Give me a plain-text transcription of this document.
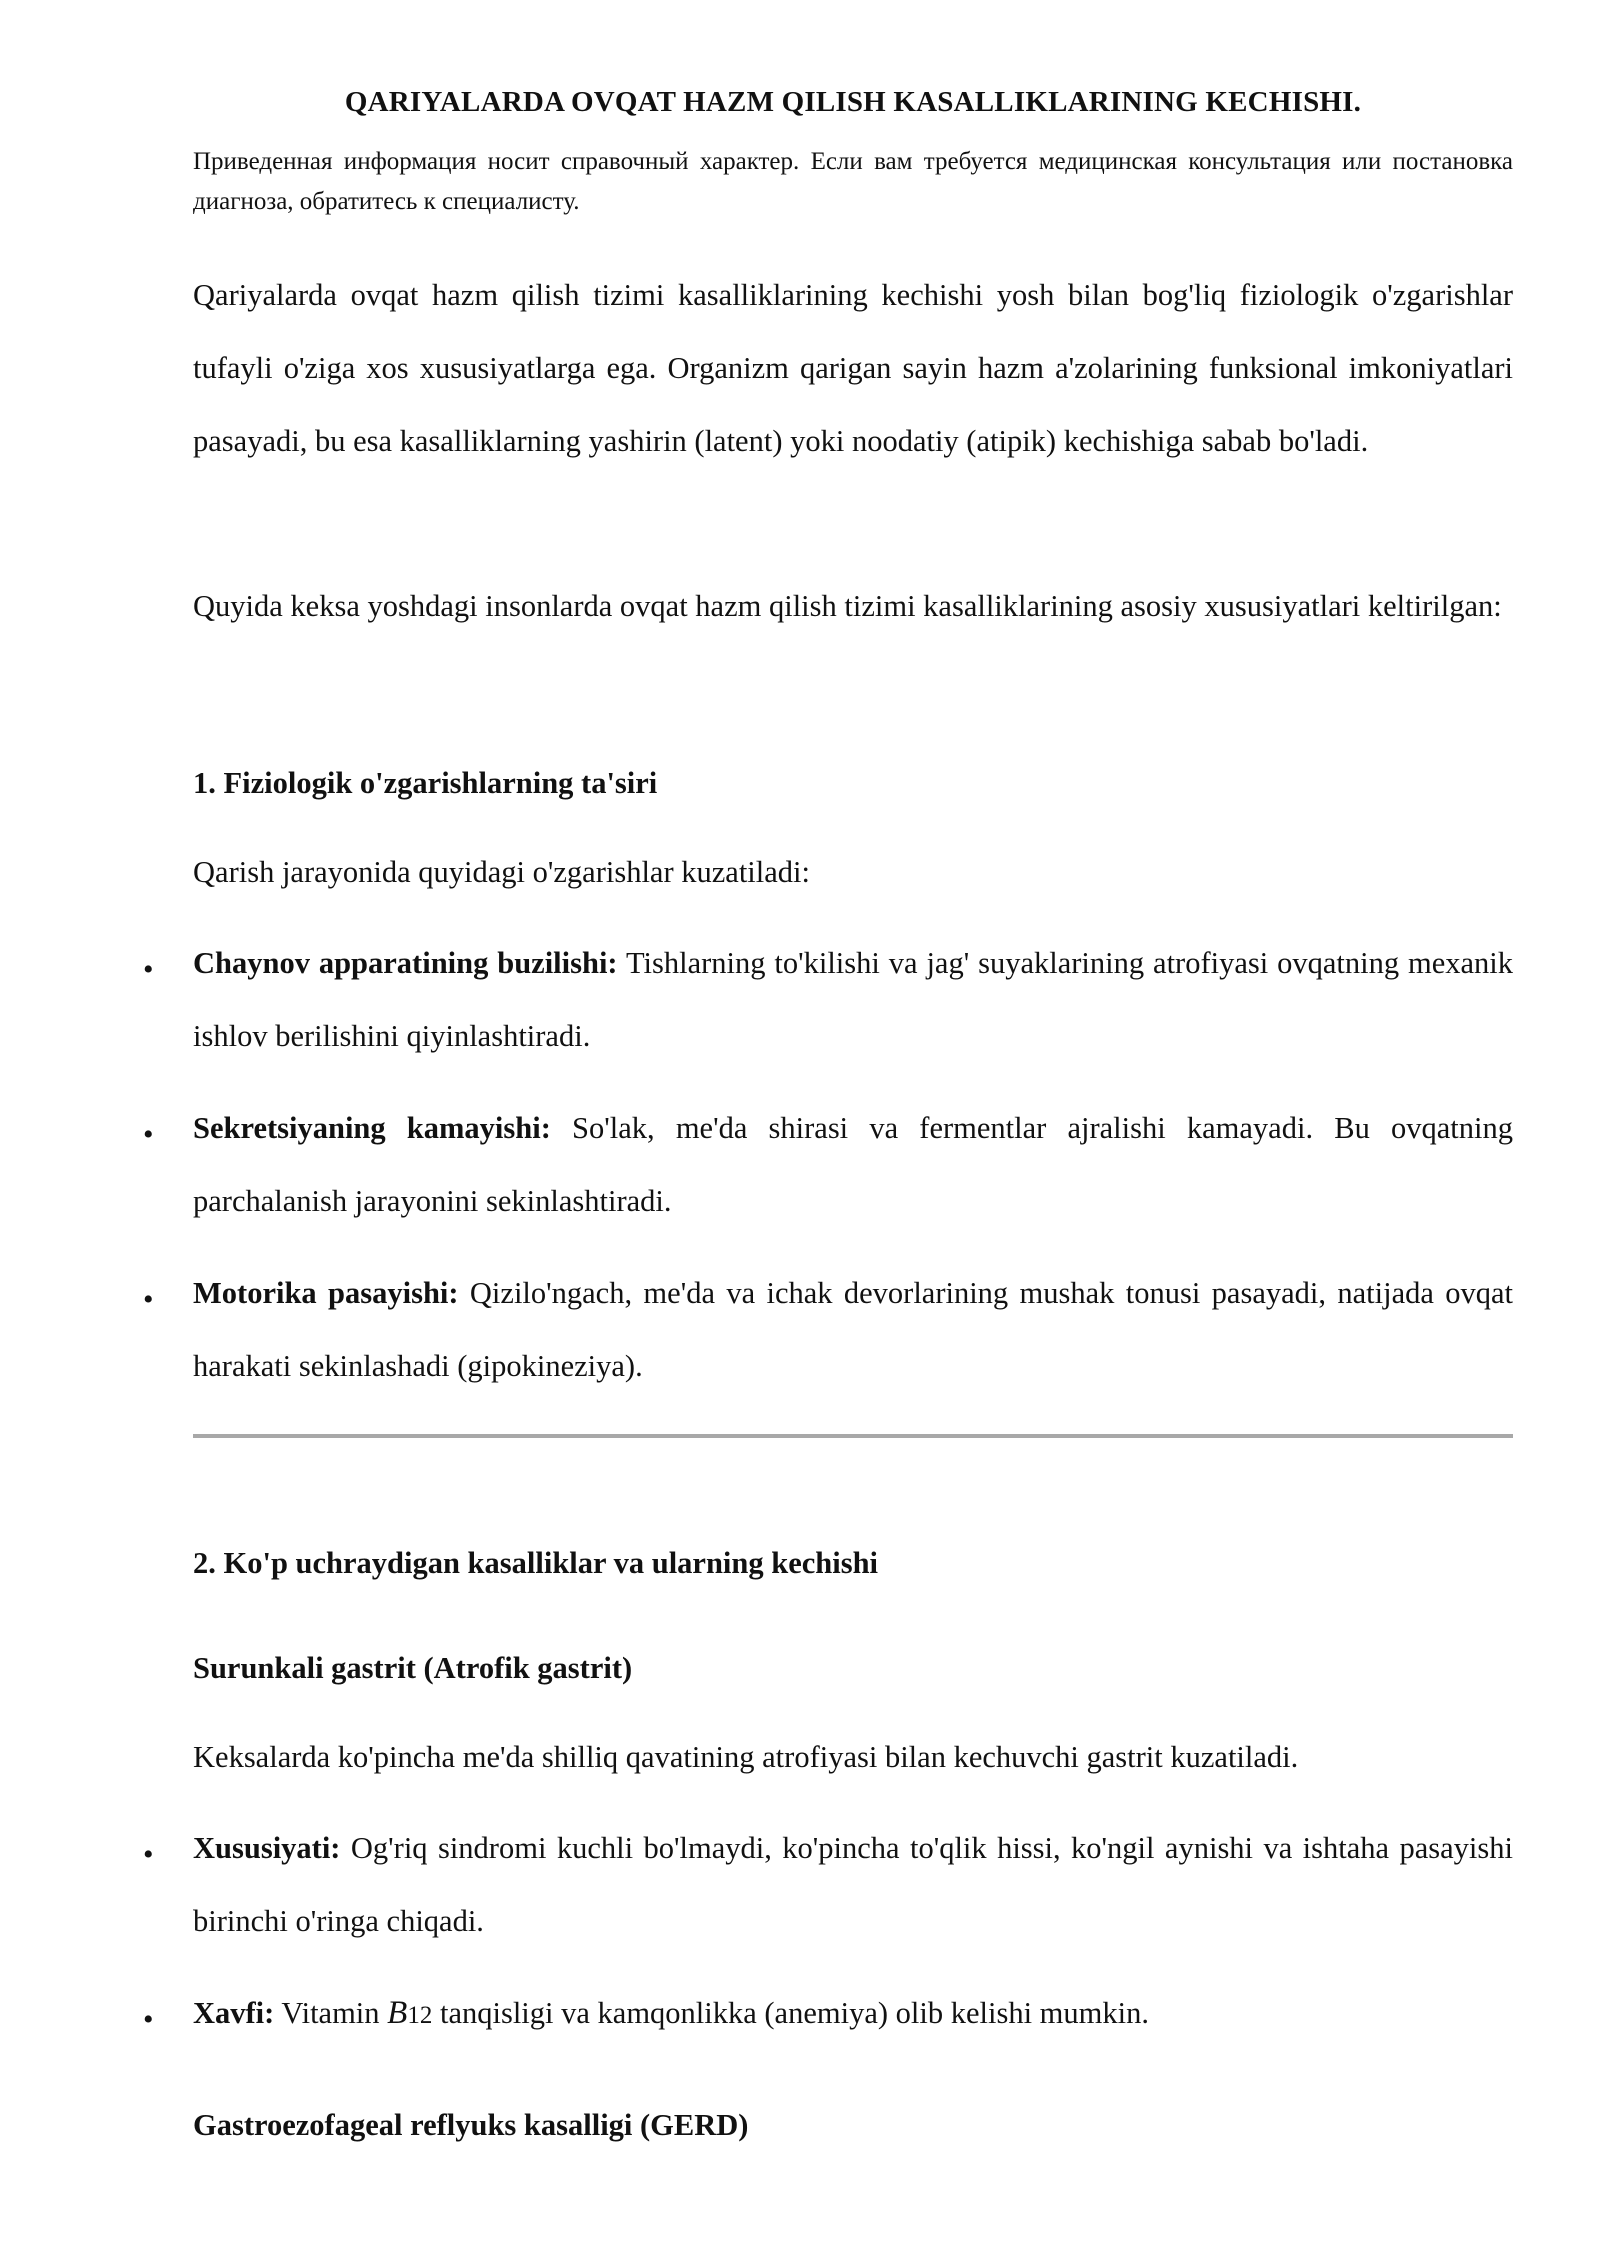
QARIYALARDA OVQAT HAZM QILISH KASALLIKLARINING KECHISHI.
Приведенная информация носит справочный характер. Если вам требуется медицинская консультация или постановка диагноза, обратитесь к специалисту.
Qariyalarda ovqat hazm qilish tizimi kasalliklarining kechishi yosh bilan bog'liq fiziologik o'zgarishlar tufayli o'ziga xos xususiyatlarga ega. Organizm qarigan sayin hazm a'zolarining funksional imkoniyatlari pasayadi, bu esa kasalliklarning yashirin (latent) yoki noodatiy (atipik) kechishiga sabab bo'ladi.
Quyida keksa yoshdagi insonlarda ovqat hazm qilish tizimi kasalliklarining asosiy xususiyatlari keltirilgan:
1. Fiziologik o'zgarishlarning ta'siri
Qarish jarayonida quyidagi o'zgarishlar kuzatiladi:
•	Chaynov apparatining buzilishi: Tishlarning to'kilishi va jag' suyaklarining atrofiyasi ovqatning mexanik ishlov berilishini qiyinlashtiradi.
•	Sekretsiyaning kamayishi: So'lak, me'da shirasi va fermentlar ajralishi kamayadi. Bu ovqatning parchalanish jarayonini sekinlashtiradi.
•	Motorika pasayishi: Qizilo'ngach, me'da va ichak devorlarining mushak tonusi pasayadi, natijada ovqat harakati sekinlashadi (gipokineziya).
2. Ko'p uchraydigan kasalliklar va ularning kechishi
Surunkali gastrit (Atrofik gastrit)
Keksalarda ko'pincha me'da shilliq qavatining atrofiyasi bilan kechuvchi gastrit kuzatiladi.
•	Xususiyati: Og'riq sindromi kuchli bo'lmaydi, ko'pincha to'qlik hissi, ko'ngil aynishi va ishtaha pasayishi birinchi o'ringa chiqadi.
•	Xavfi: Vitamin B12 tanqisligi va kamqonlikka (anemiya) olib kelishi mumkin.
Gastroezofageal reflyuks kasalligi (GERD)
